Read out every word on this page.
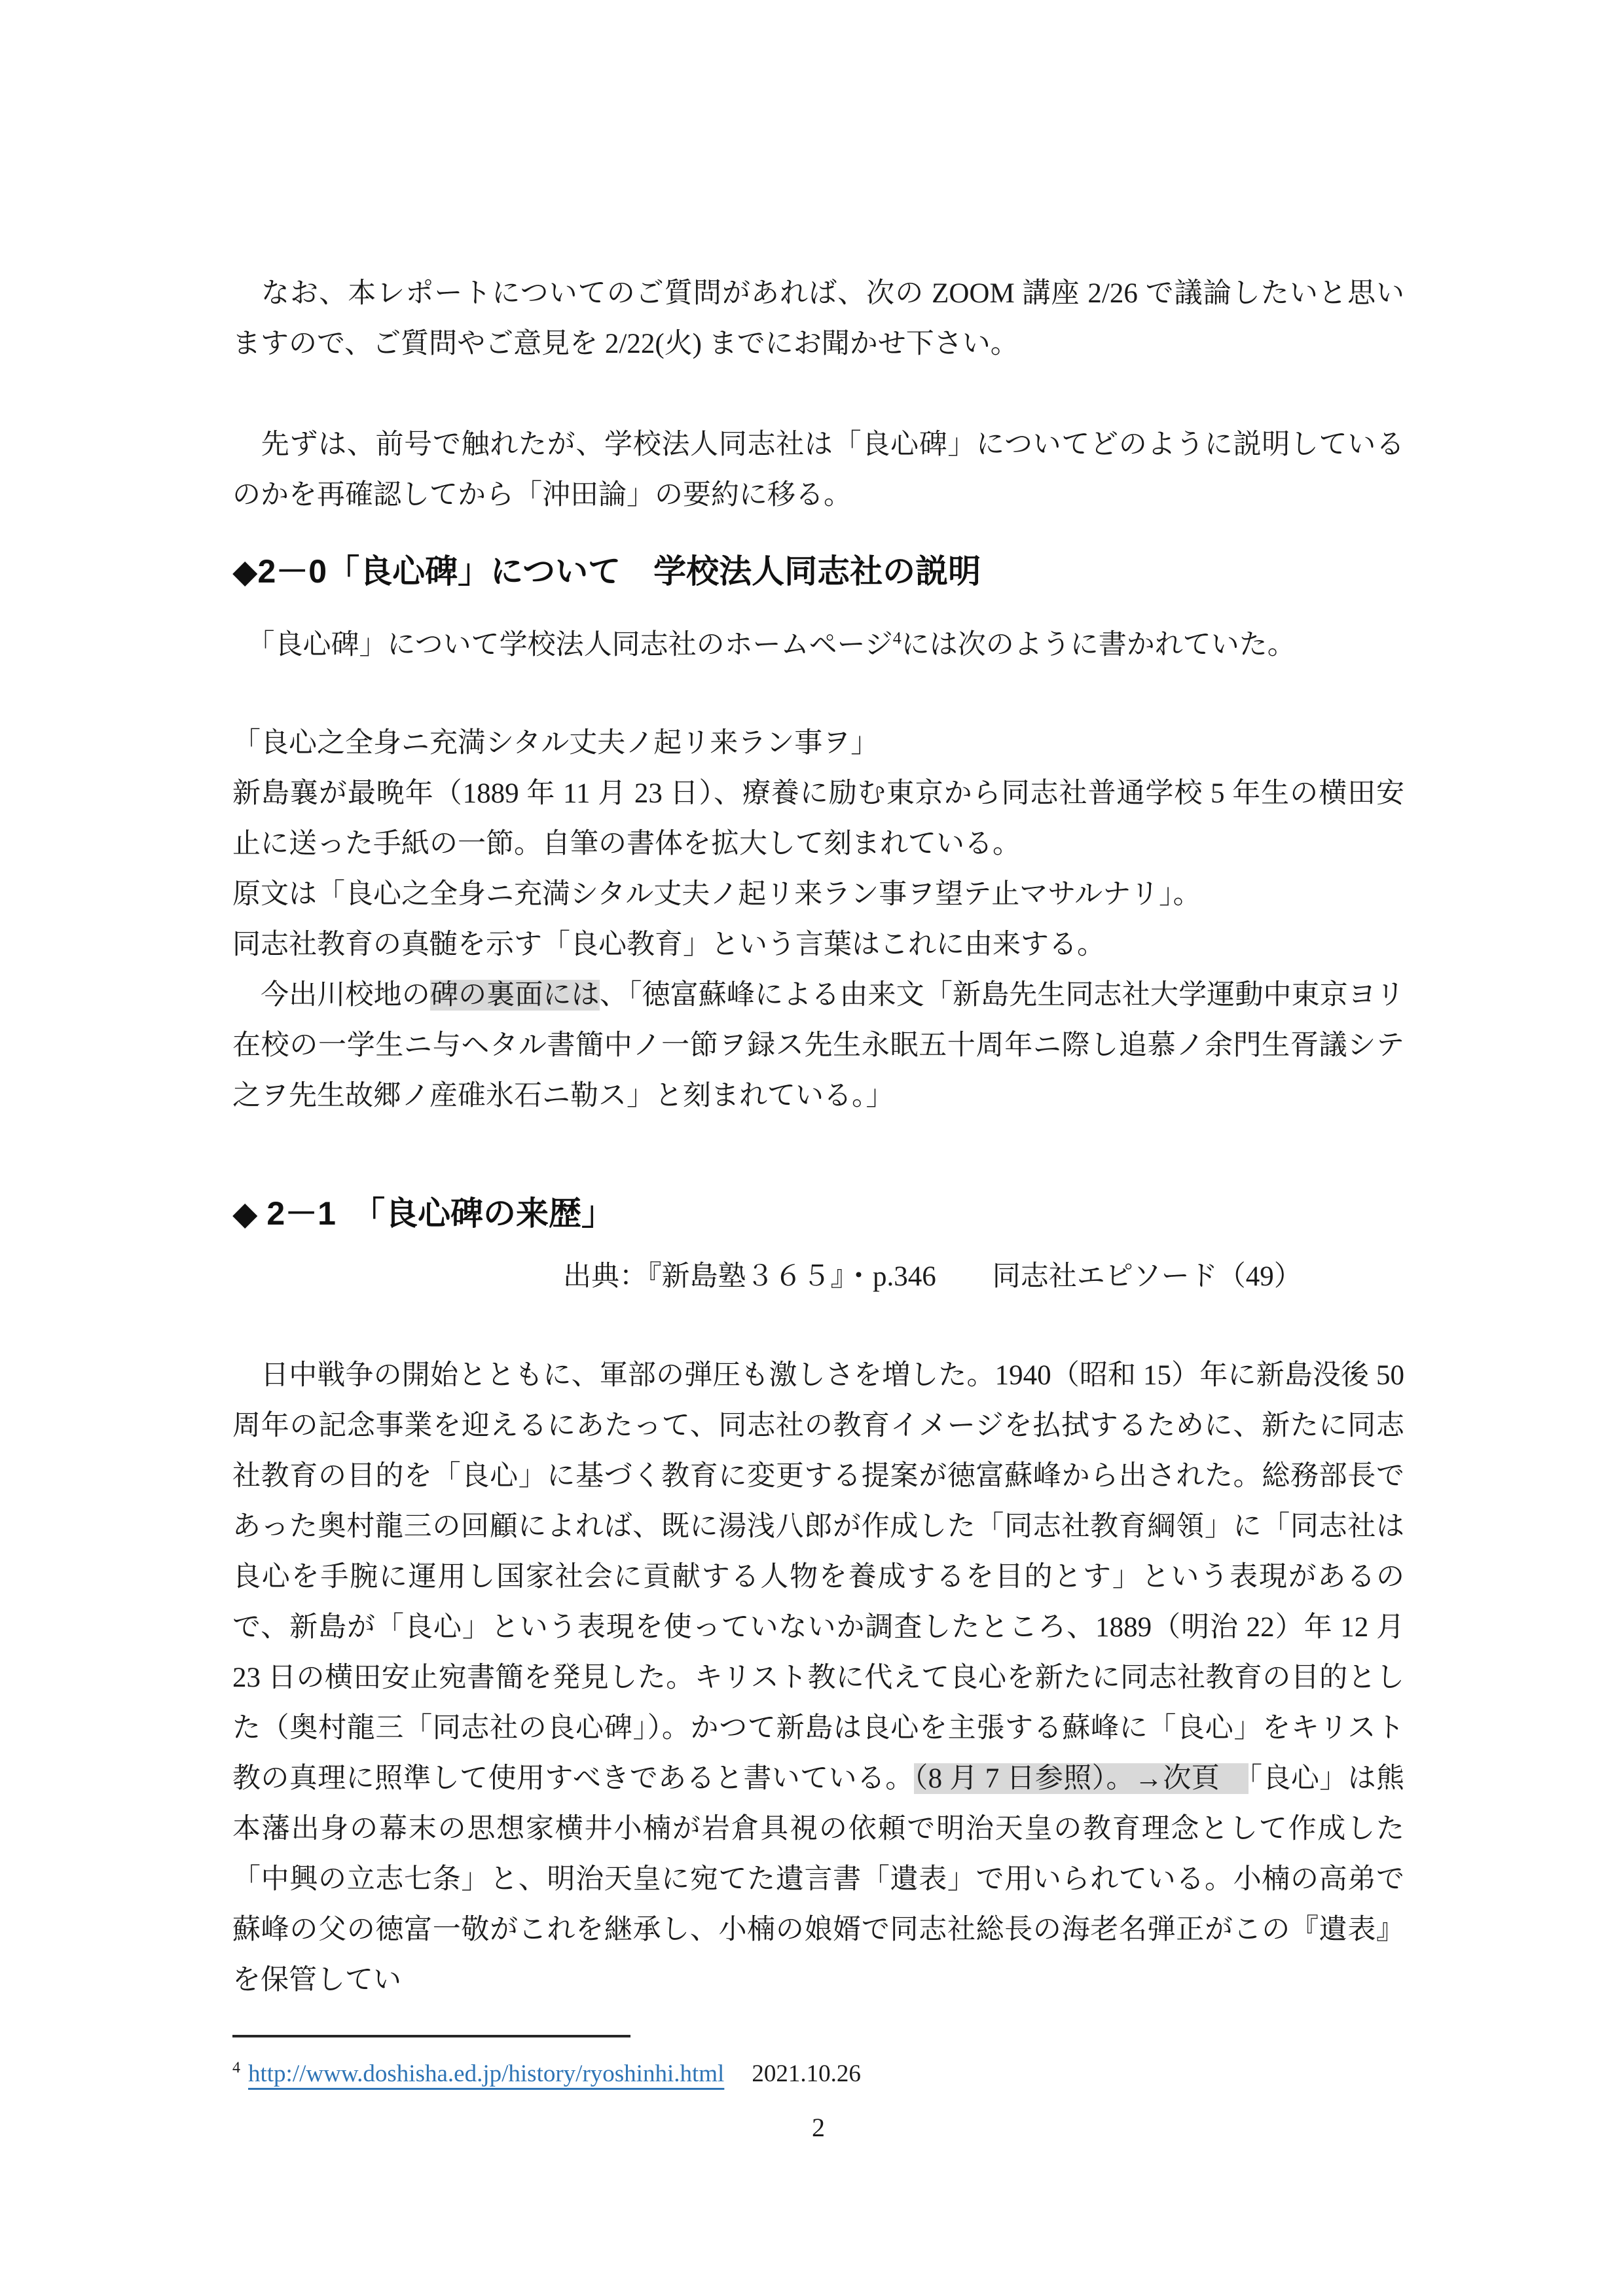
　なお、本レポートについてのご質問があれば、次の ZOOM 講座 2/26 で議論したいと思いますので、ご質問やご意見を 2/22(火) までにお聞かせ下さい。

　先ずは、前号で触れたが、学校法人同志社は「良心碑」についてどのように説明しているのかを再確認してから「沖田論」の要約に移る。

◆2－0「良心碑」について　学校法人同志社の説明

　「良心碑」について学校法人同志社のホームページ$^4$には次のように書かれていた。

「良心之全身ニ充満シタル丈夫ノ起リ来ラン事ヲ」

新島襄が最晩年（1889 年 11 月 23 日）、療養に励む東京から同志社普通学校 5 年生の横田安止に送った手紙の一節。自筆の書体を拡大して刻まれている。

原文は「良心之全身ニ充満シタル丈夫ノ起リ来ラン事ヲ望テ止マサルナリ」。

同志社教育の真髄を示す「良心教育」という言葉はこれに由来する。

　今出川校地の碑の裏面には、「徳富蘇峰による由来文「新島先生同志社大学運動中東京ヨリ在校の一学生ニ与ヘタル書簡中ノ一節ヲ録ス先生永眠五十周年ニ際し追慕ノ余門生胥議シテ之ヲ先生故郷ノ産碓氷石ニ勒ス」と刻まれている。」

◆ 2－1　「良心碑の来歴」

出典：『新島塾３６５』・p.346　　同志社エピソード（49）

　日中戦争の開始とともに、軍部の弾圧も激しさを増した。1940（昭和 15）年に新島没後 50 周年の記念事業を迎えるにあたって、同志社の教育イメージを払拭するために、新たに同志社教育の目的を「良心」に基づく教育に変更する提案が徳富蘇峰から出された。総務部長であった奥村龍三の回顧によれば、既に湯浅八郎が作成した「同志社教育綱領」に「同志社は良心を手腕に運用し国家社会に貢献する人物を養成するを目的とす」という表現があるので、新島が「良心」という表現を使っていないか調査したところ、1889（明治 22）年 12 月 23 日の横田安止宛書簡を発見した。キリスト教に代えて良心を新たに同志社教育の目的とした（奥村龍三「同志社の良心碑」）。かつて新島は良心を主張する蘇峰に「良心」をキリスト教の真理に照準して使用すべきであると書いている。（8 月 7 日参照）。→次頁　「良心」は熊本藩出身の幕末の思想家横井小楠が岩倉具視の依頼で明治天皇の教育理念として作成した「中興の立志七条」と、明治天皇に宛てた遺言書「遺表」で用いられている。小楠の高弟で蘇峰の父の徳富一敬がこれを継承し、小楠の娘婿で同志社総長の海老名弾正がこの『遺表』を保管してい

$^4$ http://www.doshisha.ed.jp/history/ryoshinhi.html 2021.10.26

2
